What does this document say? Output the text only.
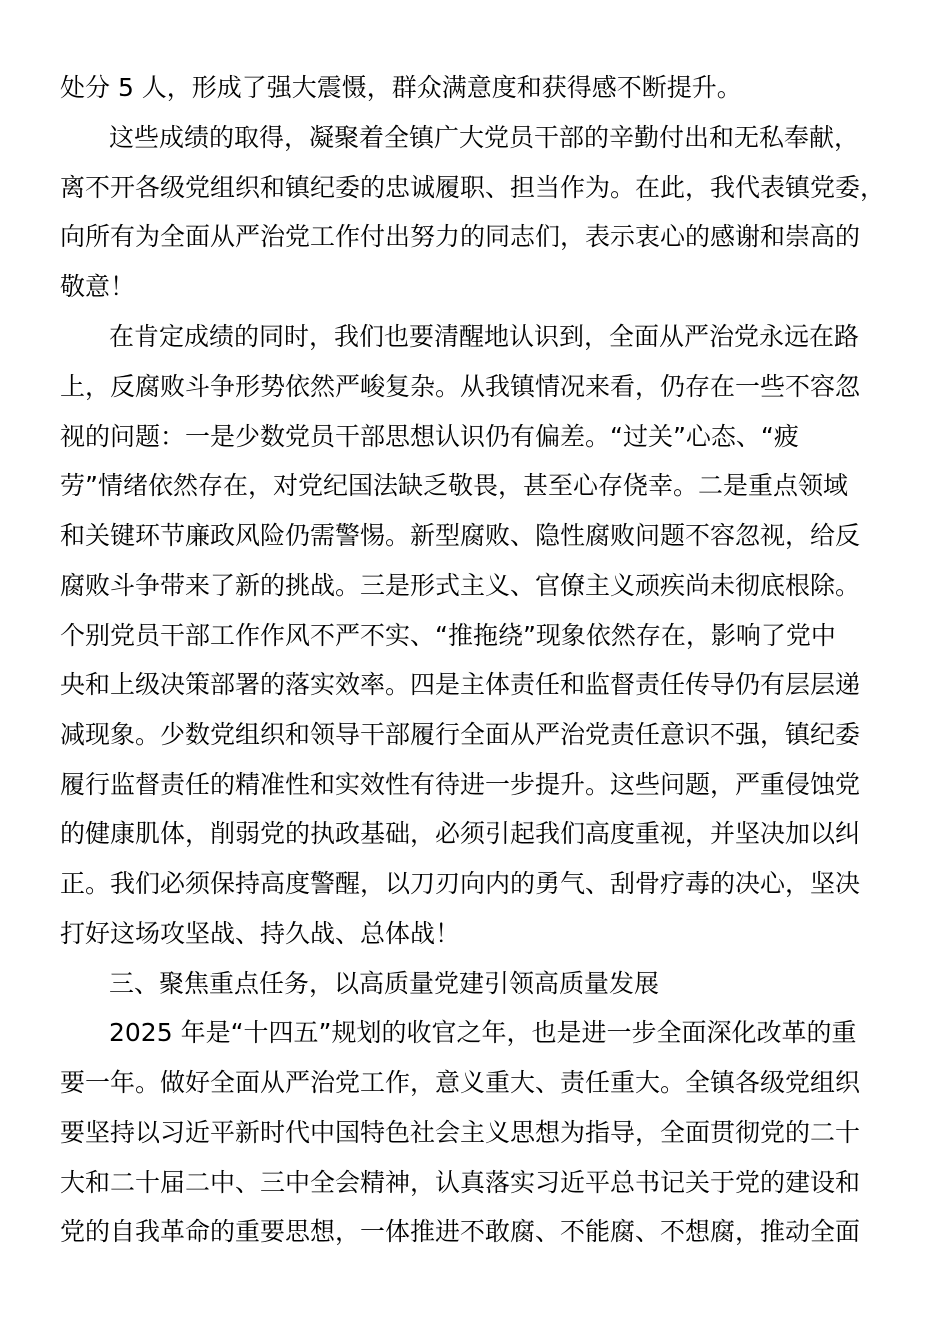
处分 5 人，形成了强大震慑，群众满意度和获得感不断提升。
这些成绩的取得，凝聚着全镇广大党员干部的辛勤付出和无私奉献，
离不开各级党组织和镇纪委的忠诚履职、担当作为。在此，我代表镇党委，
向所有为全面从严治党工作付出努力的同志们，表示衷心的感谢和崇高的
敬意！
在肯定成绩的同时，我们也要清醒地认识到，全面从严治党永远在路
上，反腐败斗争形势依然严峻复杂。从我镇情况来看，仍存在一些不容忽
视的问题：一是少数党员干部思想认识仍有偏差。“过关”心态、“疲
劳”情绪依然存在，对党纪国法缺乏敬畏，甚至心存侥幸。二是重点领域
和关键环节廉政风险仍需警惕。新型腐败、隐性腐败问题不容忽视，给反
腐败斗争带来了新的挑战。三是形式主义、官僚主义顽疾尚未彻底根除。
个别党员干部工作作风不严不实、“推拖绕”现象依然存在，影响了党中
央和上级决策部署的落实效率。四是主体责任和监督责任传导仍有层层递
减现象。少数党组织和领导干部履行全面从严治党责任意识不强，镇纪委
履行监督责任的精准性和实效性有待进一步提升。这些问题，严重侵蚀党
的健康肌体，削弱党的执政基础，必须引起我们高度重视，并坚决加以纠
正。我们必须保持高度警醒，以刀刃向内的勇气、刮骨疗毒的决心，坚决
打好这场攻坚战、持久战、总体战！
三、聚焦重点任务，以高质量党建引领高质量发展
2025 年是“十四五”规划的收官之年，也是进一步全面深化改革的重
要一年。做好全面从严治党工作，意义重大、责任重大。全镇各级党组织
要坚持以习近平新时代中国特色社会主义思想为指导，全面贯彻党的二十
大和二十届二中、三中全会精神，认真落实习近平总书记关于党的建设和
党的自我革命的重要思想，一体推进不敢腐、不能腐、不想腐，推动全面
